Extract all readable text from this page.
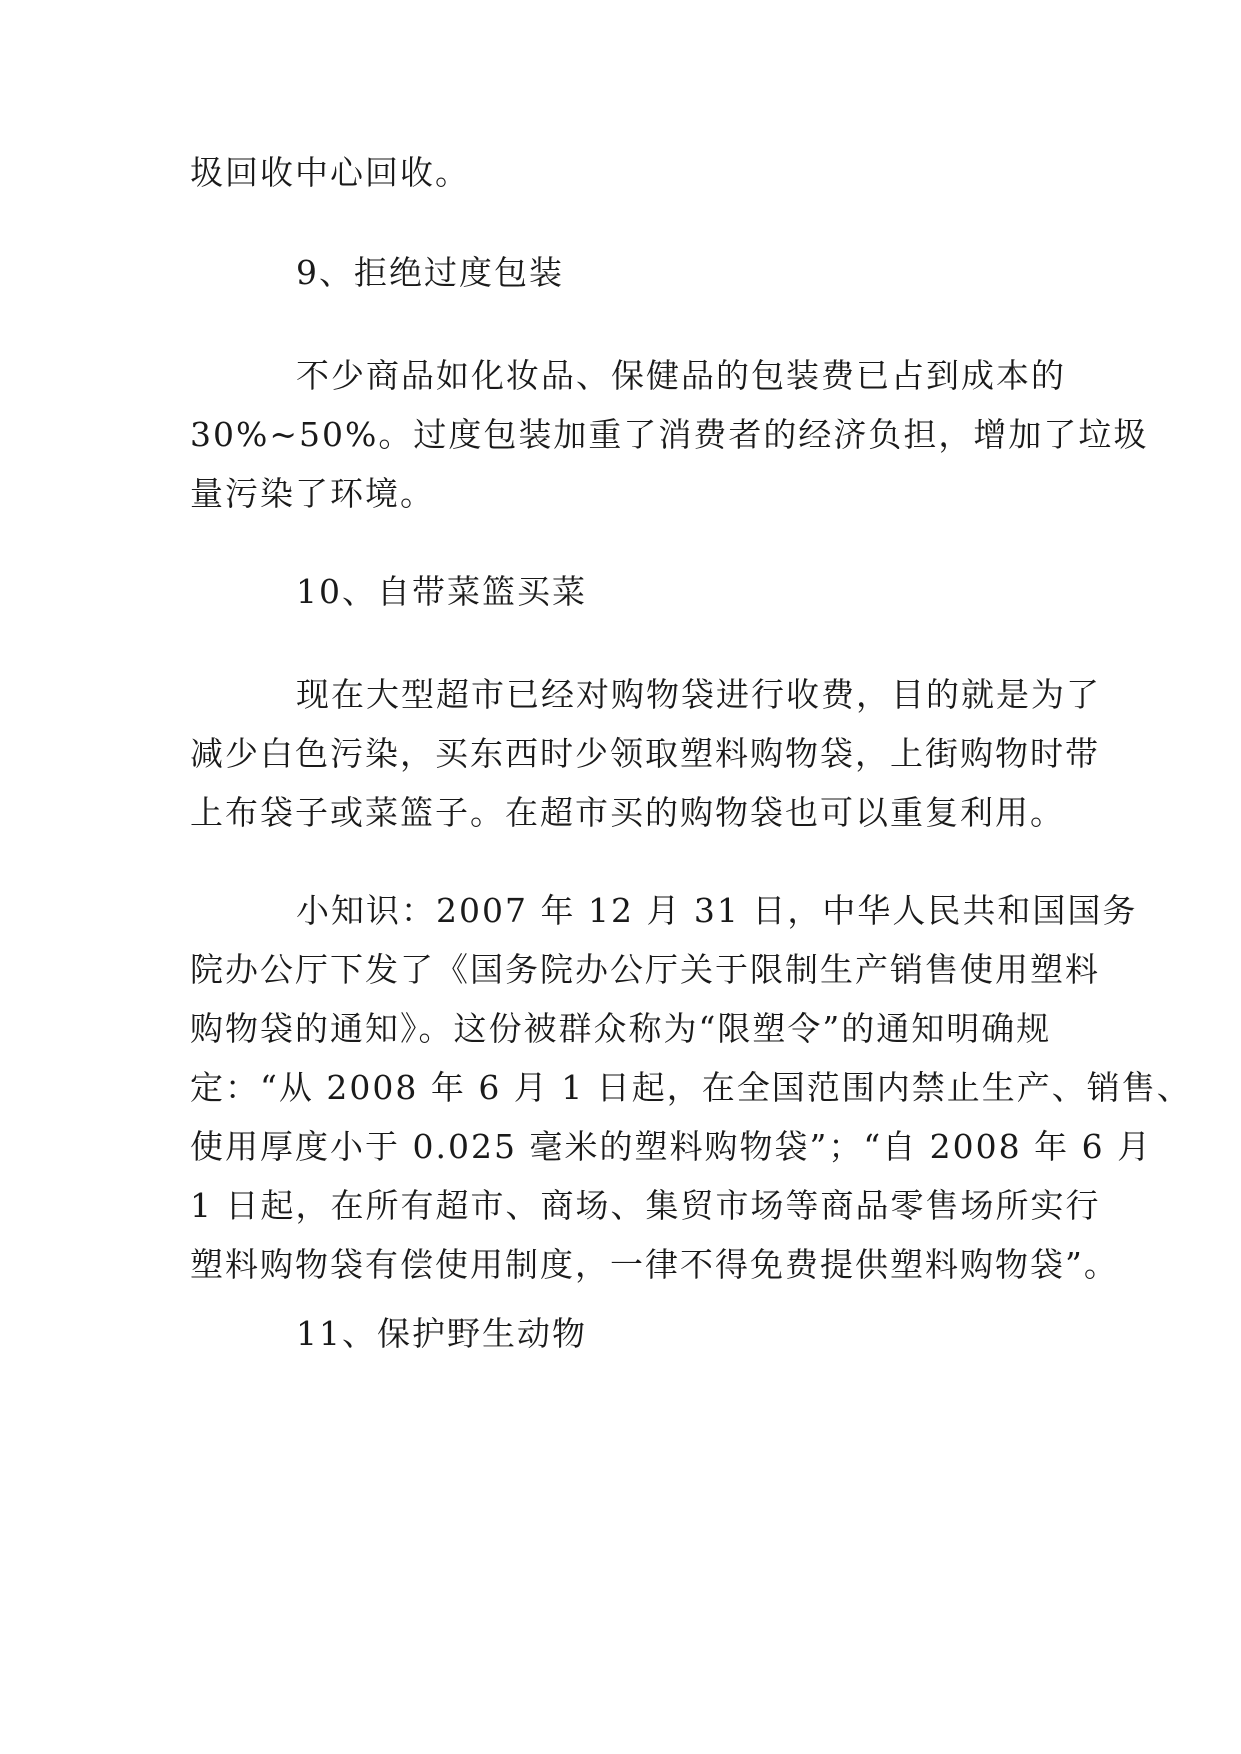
圾回收中心回收。
9、拒绝过度包装
不少商品如化妆品、保健品的包装费已占到成本的
30%~50%。过度包装加重了消费者的经济负担，增加了垃圾
量污染了环境。
10、自带菜篮买菜
现在大型超市已经对购物袋进行收费，目的就是为了
减少白色污染，买东西时少领取塑料购物袋，上街购物时带
上布袋子或菜篮子。在超市买的购物袋也可以重复利用。
小知识：2007 年 12 月 31 日，中华人民共和国国务
院办公厅下发了《国务院办公厅关于限制生产销售使用塑料
购物袋的通知》。这份被群众称为“限塑令”的通知明确规
定：“从 2008 年 6 月 1 日起，在全国范围内禁止生产、销售、
使用厚度小于 0.025 毫米的塑料购物袋”；“自 2008 年 6 月
1 日起，在所有超市、商场、集贸市场等商品零售场所实行
塑料购物袋有偿使用制度，一律不得免费提供塑料购物袋”。
11、保护野生动物
